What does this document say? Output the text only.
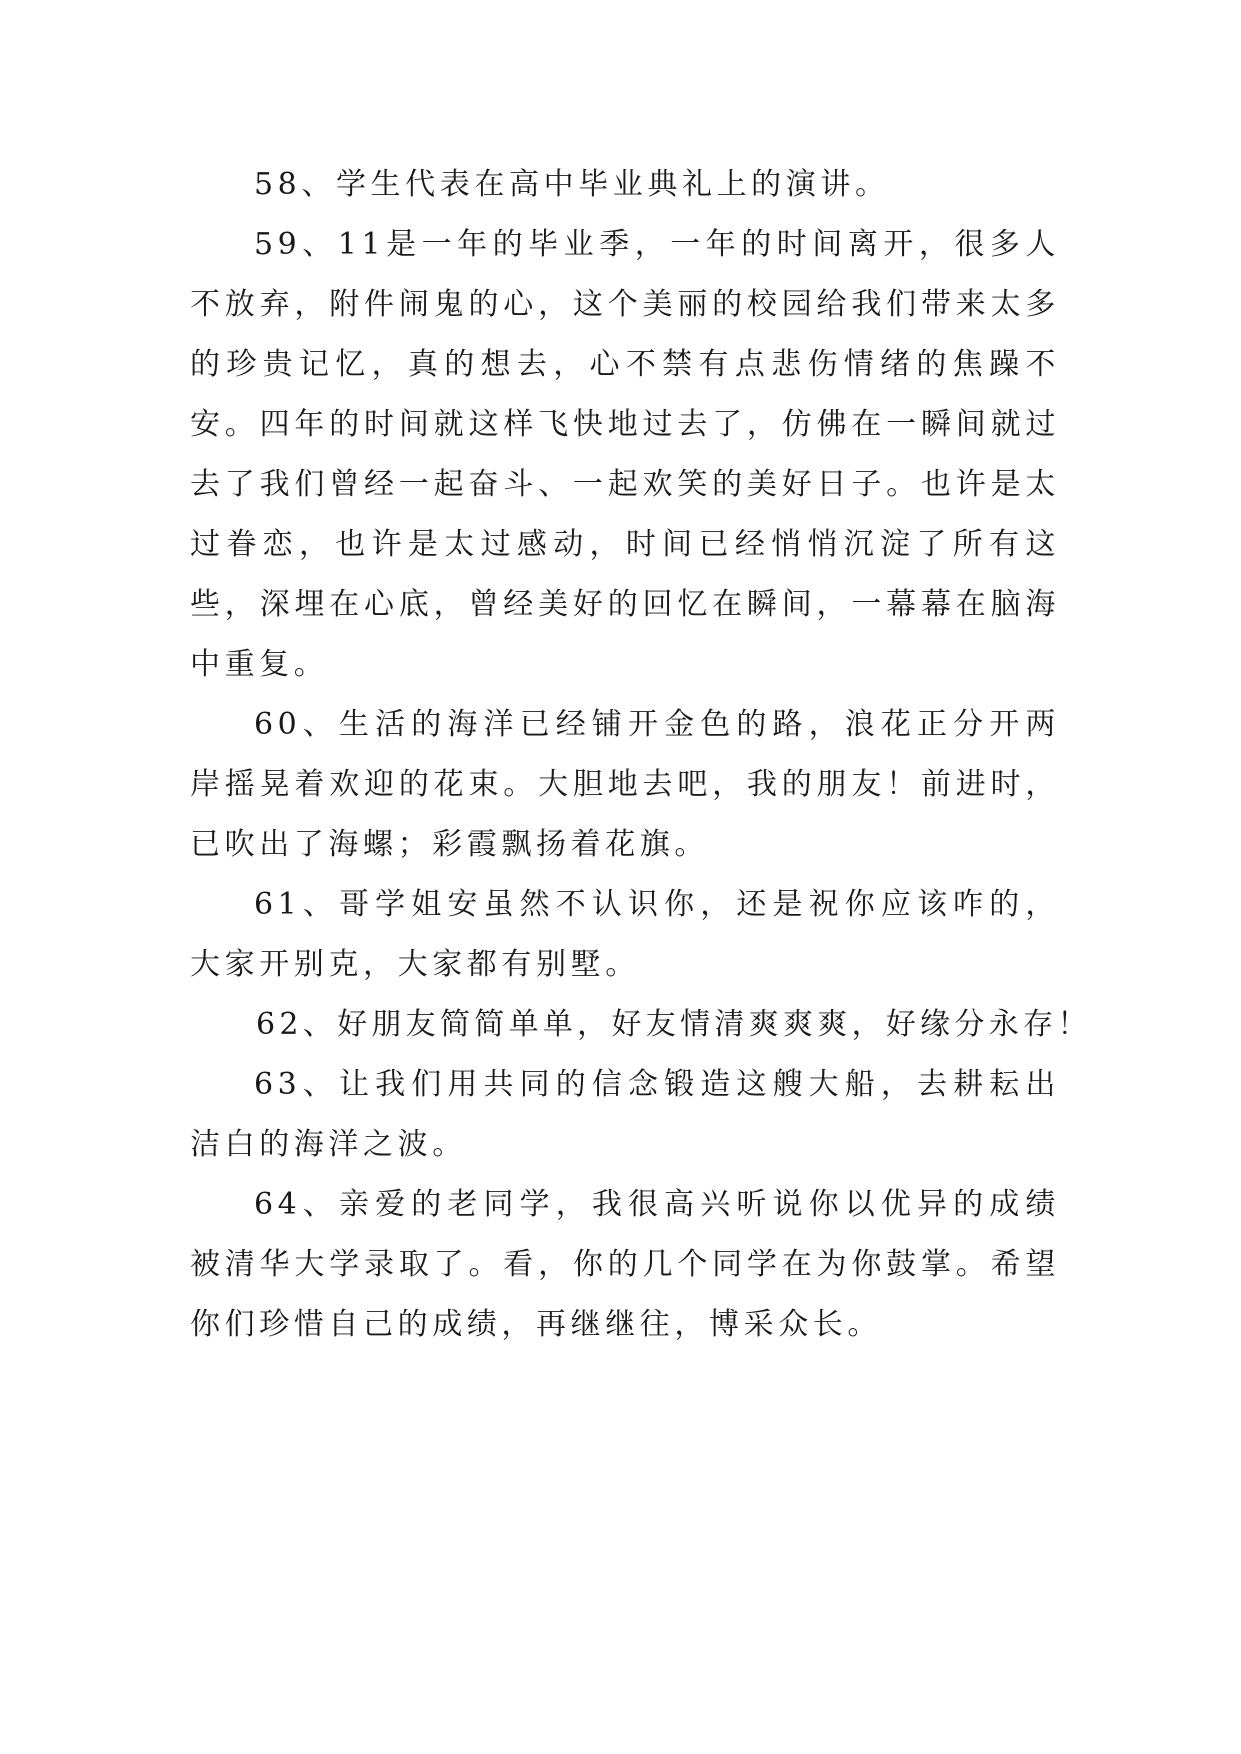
58、学生代表在高中毕业典礼上的演讲。

59、11是一年的毕业季，一年的时间离开，很多人不放弃，附件闹鬼的心，这个美丽的校园给我们带来太多的珍贵记忆，真的想去，心不禁有点悲伤情绪的焦躁不安。四年的时间就这样飞快地过去了，仿佛在一瞬间就过去了我们曾经一起奋斗、一起欢笑的美好日子。也许是太过眷恋，也许是太过感动，时间已经悄悄沉淀了所有这些，深埋在心底，曾经美好的回忆在瞬间，一幕幕在脑海中重复。

60、生活的海洋已经铺开金色的路，浪花正分开两岸摇晃着欢迎的花束。大胆地去吧，我的朋友！前进时，已吹出了海螺；彩霞飘扬着花旗。

61、哥学姐安虽然不认识你，还是祝你应该咋的，大家开别克，大家都有别墅。

62、好朋友简简单单，好友情清爽爽爽，好缘分永存！

63、让我们用共同的信念锻造这艘大船，去耕耘出洁白的海洋之波。

64、亲爱的老同学，我很高兴听说你以优异的成绩被清华大学录取了。看，你的几个同学在为你鼓掌。希望你们珍惜自己的成绩，再继继往，博采众长。
